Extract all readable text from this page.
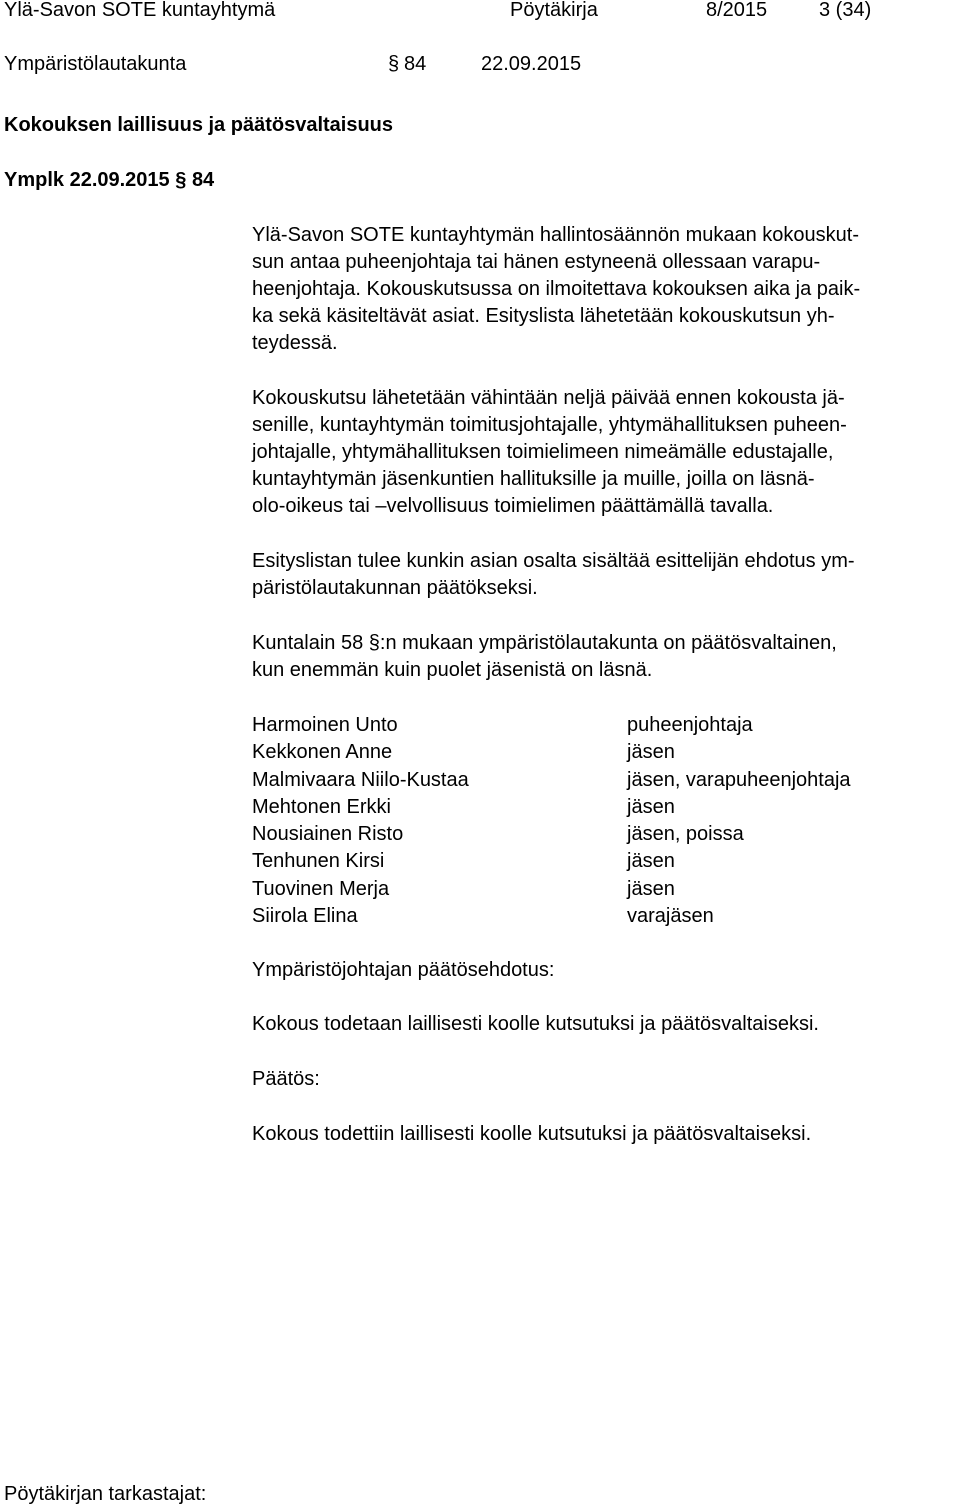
Ylä-Savon SOTE kuntayhtymä	Pöytäkirja	8/2015	3 (34)
Ympäristölautakunta	§ 84	22.09.2015
Kokouksen laillisuus ja päätösvaltaisuus
Ymplk 22.09.2015 § 84

Ylä-Savon SOTE kuntayhtymän hallintosäännön mukaan kokouskut-

sun antaa puheenjohtaja tai hänen estyneenä ollessaan varapu-

heenjohtaja. Kokouskutsussa on ilmoitettava kokouksen aika ja paik-

ka sekä käsiteltävät asiat. Esityslista lähetetään kokouskutsun yh-

teydessä.

Kokouskutsu lähetetään vähintään neljä päivää ennen kokousta jä-

senille, kuntayhtymän toimitusjohtajalle, yhtymähallituksen puheen-

johtajalle, yhtymähallituksen toimielimeen nimeämälle edustajalle,

kuntayhtymän jäsenkuntien hallituksille ja muille, joilla on läsnä-

olo-oikeus tai –velvollisuus toimielimen päättämällä tavalla.

Esityslistan tulee kunkin asian osalta sisältää esittelijän ehdotus ym-

päristölautakunnan päätökseksi.

Kuntalain 58 §:n mukaan ympäristölautakunta on päätösvaltainen,

kun enemmän kuin puolet jäsenistä on läsnä.

Harmoinen Unto	puheenjohtaja
Kekkonen Anne	jäsen
Malmivaara Niilo-Kustaa	jäsen, varapuheenjohtaja
Mehtonen Erkki	jäsen
Nousiainen Risto	jäsen, poissa
Tenhunen Kirsi	jäsen
Tuovinen Merja	jäsen
Siirola Elina	varajäsen
Ympäristöjohtajan päätösehdotus:
Kokous todetaan laillisesti koolle kutsutuksi ja päätösvaltaiseksi.
Päätös:
Kokous todettiin laillisesti koolle kutsutuksi ja päätösvaltaiseksi.
Pöytäkirjan tarkastajat:
